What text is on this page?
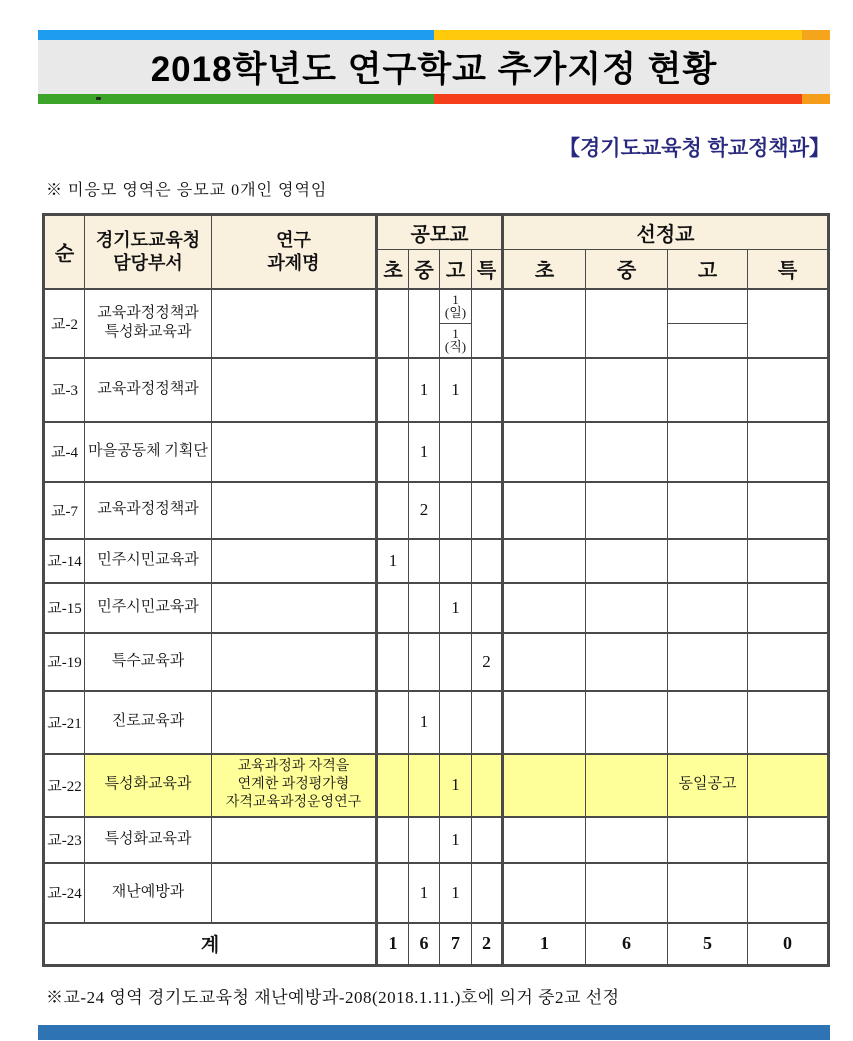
2018학년도 연구학교 추가지정 현황
【경기도교육청 학교정책과】
※ 미응모 영역은 응모교 0개인 영역임
순	경기도교육청
담당부서	연구
과제명	공모교				선정교			
			초	중	고	특	초	중	고	특
교-2	교육과정정책과
특성화교육과				1
(일)					
					1
(직)					
교-3	교육과정정책과			1	1					
교-4	마을공동체 기획단			1						
교-7	교육과정정책과			2						
교-14	민주시민교육과		1							
교-15	민주시민교육과				1					
교-19	특수교육과					2				
교-21	진로교육과			1						
교-22	특성화교육과	교육과정과 자격을
연계한 과정평가형
자격교육과정운영연구			1				동일공고	
교-23	특성화교육과				1					
교-24	재난예방과			1	1					
계			1	6	7	2	1	6	5	0
※교-24 영역 경기도교육청 재난예방과-208(2018.1.11.)호에 의거 중2교 선정
